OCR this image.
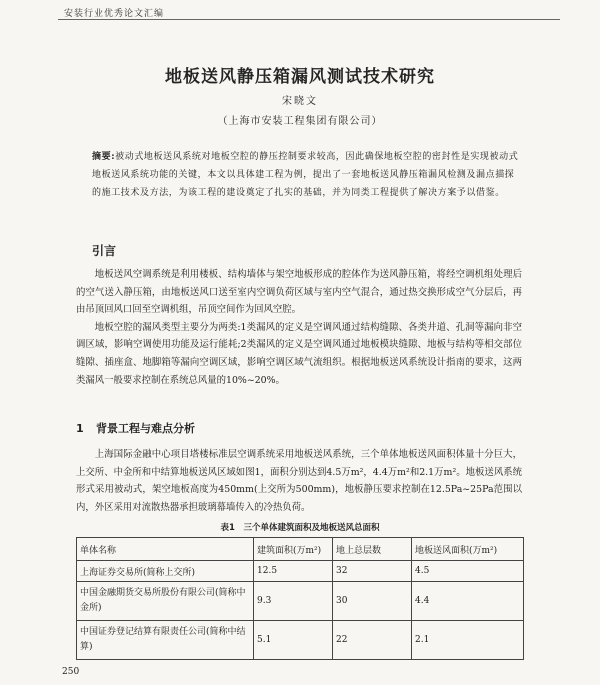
安装行业优秀论文汇编
地板送风静压箱漏风测试技术研究
宋晓文
（上海市安装工程集团有限公司）
摘要:被动式地板送风系统对地板空腔的静压控制要求较高，因此确保地板空腔的密封性是实现被动式地板送风系统功能的关键，本文以具体建工程为例，提出了一套地板送风静压箱漏风检测及漏点描探的施工技术及方法，为该工程的建设奠定了扎实的基础，并为同类工程提供了解决方案予以借鉴。
引言

地板送风空调系统是利用楼板、结构墙体与架空地板形成的腔体作为送风静压箱，将经空调机组处理后的空气送入静压箱，由地板送风口送至室内空调负荷区域与室内空气混合，通过热交换形成空气分层后，再由吊顶回风口回至空调机组，吊顶空间作为回风空腔。

地板空腔的漏风类型主要分为两类:1类漏风的定义是空调风通过结构缝隙、各类井道、孔洞等漏向非空调区域，影响空调使用功能及运行能耗;2类漏风的定义是空调风通过地板模块缝隙、地板与结构等相交部位缝隙、插座盒、地脚箱等漏向空调区域，影响空调区域气流组织。根据地板送风系统设计指南的要求，这两类漏风一般要求控制在系统总风量的10%~20%。

1 背景工程与难点分析

上海国际金融中心项目塔楼标准层空调系统采用地板送风系统，三个单体地板送风面积体量十分巨大，上交所、中金所和中结算地板送风区域如图1，面积分别达到4.5万m²，4.4万m²和2.1万m²。地板送风系统形式采用被动式，架空地板高度为450mm(上交所为500mm)，地板静压要求控制在12.5Pa~25Pa范围以内，外区采用对流散热器承担玻璃幕墙传入的冷热负荷。

表1　三个单体建筑面积及地板送风总面积
单体名称	建筑面积(万m²)	地上总层数	地板送风面积(万m²)
上海证券交易所(简称上交所)	12.5	32	4.5
中国金融期货交易所股份有限公司(简称中金所)	9.3	30	4.4
中国证券登记结算有限责任公司(简称中结算)	5.1	22	2.1
250
